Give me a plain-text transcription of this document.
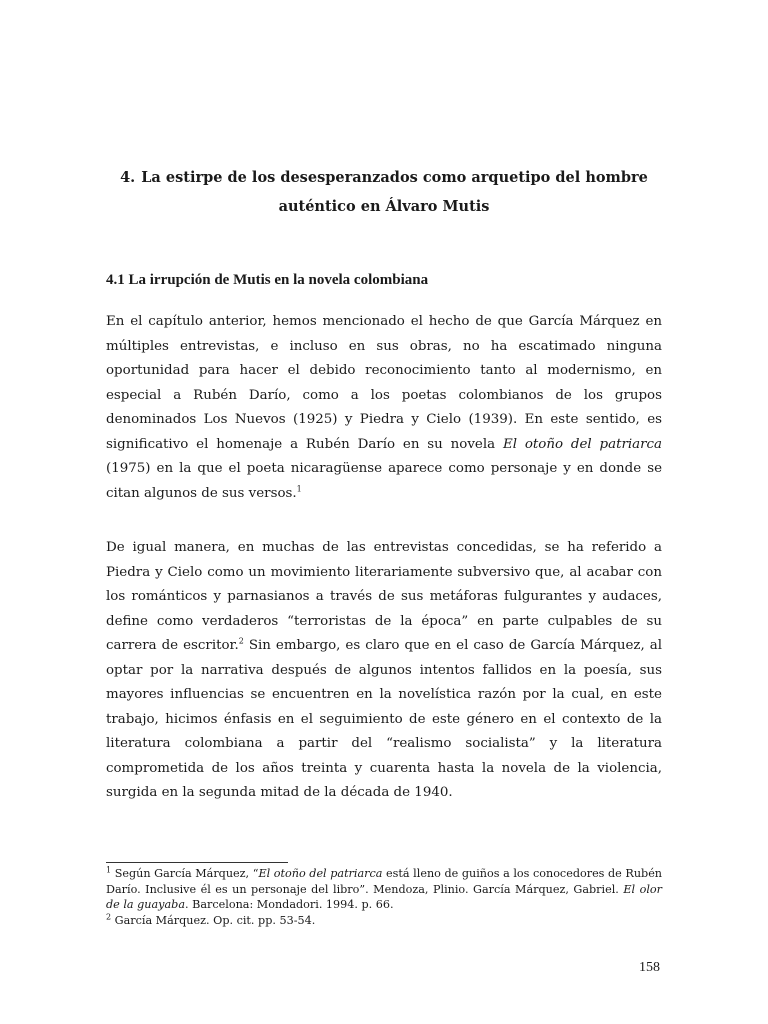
4. La estirpe de los desesperanzados como arquetipo del hombre
auténtico en Álvaro Mutis
4.1 La irrupción de Mutis en la novela colombiana

En el capítulo anterior, hemos mencionado el hecho de que García Márquez en múltiples entrevistas, e incluso en sus obras, no ha escatimado ninguna oportunidad para hacer el debido reconocimiento tanto al modernismo, en especial a Rubén Darío, como a los poetas colombianos de los grupos denominados Los Nuevos (1925) y Piedra y Cielo (1939). En este sentido, es significativo el homenaje a Rubén Darío en su novela El otoño del patriarca (1975) en la que el poeta nicaragüense aparece como personaje y en donde se citan algunos de sus versos.$^1$

De igual manera, en muchas de las entrevistas concedidas, se ha referido a Piedra y Cielo como un movimiento literariamente subversivo que, al acabar con los románticos y parnasianos a través de sus metáforas fulgurantes y audaces, define como verdaderos “terroristas de la época” en parte culpables de su carrera de escritor.$^2$ Sin embargo, es claro que en el caso de García Márquez, al optar por la narrativa después de algunos intentos fallidos en la poesía, sus mayores influencias se encuentren en la novelística razón por la cual, en este trabajo, hicimos énfasis en el seguimiento de este género en el contexto de la literatura colombiana a partir del “realismo socialista” y la literatura comprometida de los años treinta y cuarenta hasta la novela de la violencia, surgida en la segunda mitad de la década de 1940.

$^1$ Según García Márquez, “El otoño del patriarca está lleno de guiños a los conocedores de Rubén Darío. Inclusive él es un personaje del libro”. Mendoza, Plinio. García Márquez, Gabriel. El olor de la guayaba. Barcelona: Mondadori. 1994. p. 66.

$^2$ García Márquez. Op. cit. pp. 53-54.

158
